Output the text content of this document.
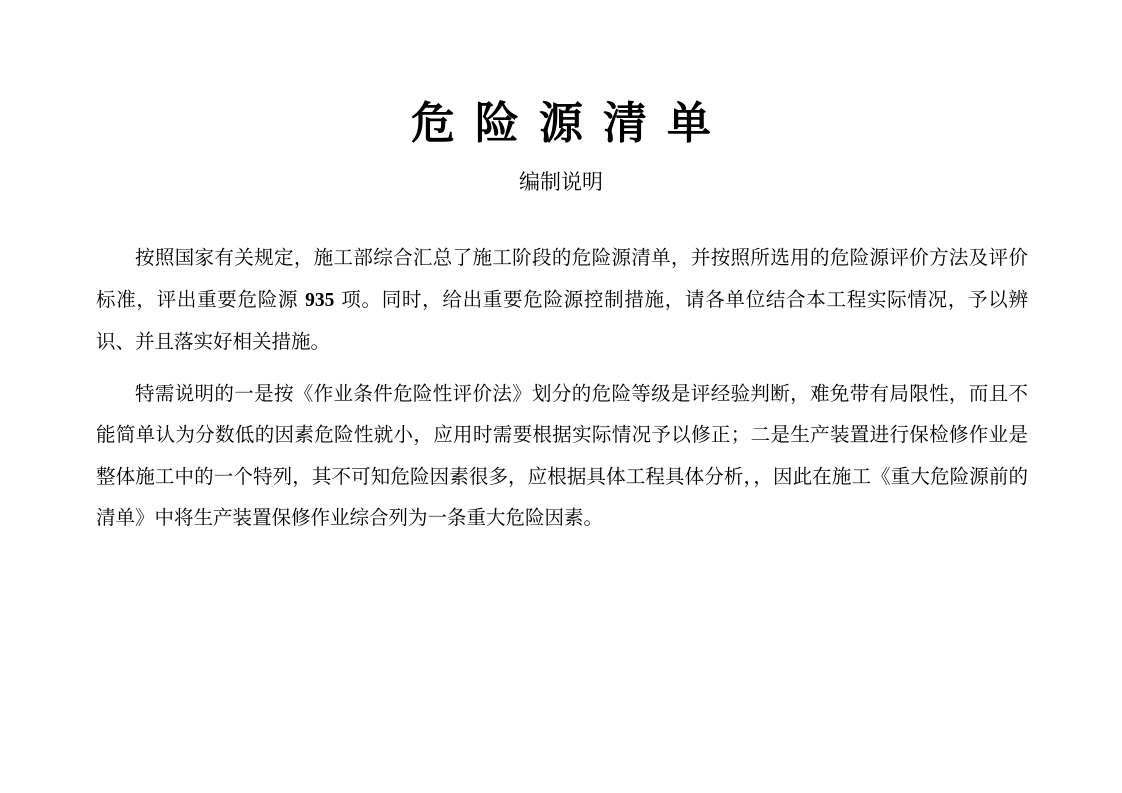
危险源清单
编制说明

按照国家有关规定，施工部综合汇总了施工阶段的危险源清单，并按照所选用的危险源评价方法及评价标准，评出重要危险源 935 项。同时，给出重要危险源控制措施，请各单位结合本工程实际情况，予以辨识、并且落实好相关措施。

特需说明的一是按《作业条件危险性评价法》划分的危险等级是评经验判断，难免带有局限性，而且不能简单认为分数低的因素危险性就小，应用时需要根据实际情况予以修正；二是生产装置进行保检修作业是整体施工中的一个特列，其不可知危险因素很多，应根据具体工程具体分析，，因此在施工《重大危险源前的清单》中将生产装置保修作业综合列为一条重大危险因素。
